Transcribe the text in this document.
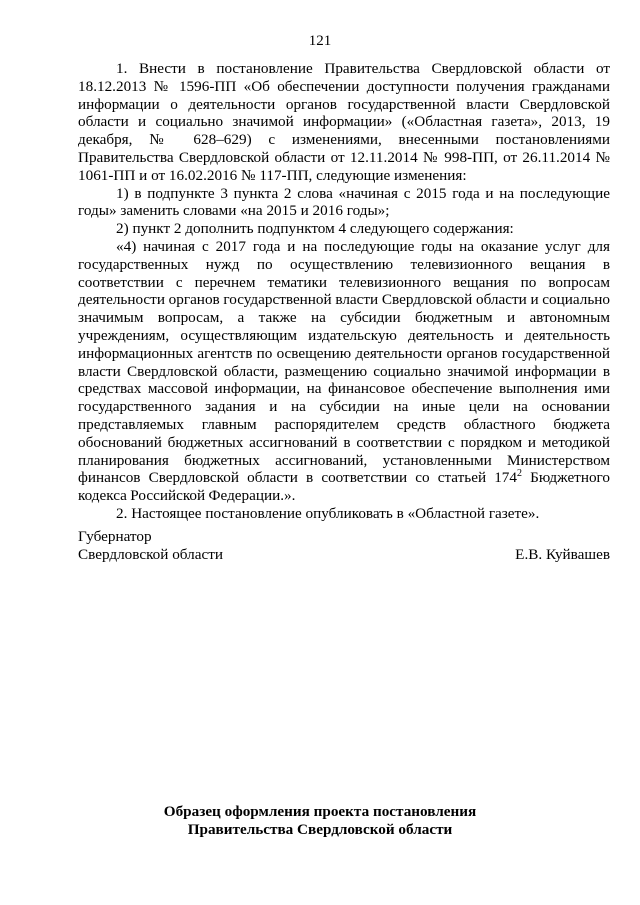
121

1. Внести в постановление Правительства Свердловской области от 18.12.2013 № 1596-ПП «Об обеспечении доступности получения гражданами информации о деятельности органов государственной власти Свердловской области и социально значимой информации» («Областная газета», 2013, 19 декабря, № 628–629) с изменениями, внесенными постановлениями Правительства Свердловской области от 12.11.2014 № 998-ПП, от 26.11.2014 № 1061-ПП и от 16.02.2016 № 117-ПП, следующие изменения:

1) в подпункте 3 пункта 2 слова «начиная с 2015 года и на последующие годы» заменить словами «на 2015 и 2016 годы»;

2) пункт 2 дополнить подпунктом 4 следующего содержания:

«4) начиная с 2017 года и на последующие годы на оказание услуг для государственных нужд по осуществлению телевизионного вещания в соответствии с перечнем тематики телевизионного вещания по вопросам деятельности органов государственной власти Свердловской области и социально значимым вопросам, а также на субсидии бюджетным и автономным учреждениям, осуществляющим издательскую деятельность и деятельность информационных агентств по освещению деятельности органов государственной власти Свердловской области, размещению социально значимой информации в средствах массовой информации, на финансовое обеспечение выполнения ими государственного задания и на субсидии на иные цели на основании представляемых главным распорядителем средств областного бюджета обоснований бюджетных ассигнований в соответствии с порядком и методикой планирования бюджетных ассигнований, установленными Министерством финансов Свердловской области в соответствии со статьей $174^2$ Бюджетного кодекса Российской Федерации.».

2. Настоящее постановление опубликовать в «Областной газете».

Губернатор
Свердловской области	Е.В. Куйвашев
Образец оформления проекта постановления
Правительства Свердловской области
